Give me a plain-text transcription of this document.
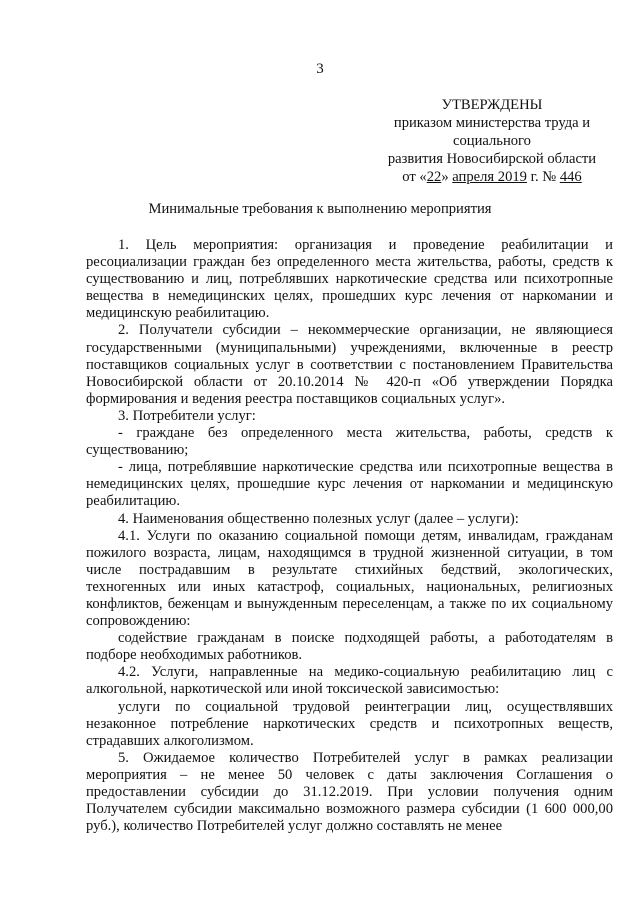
3
УТВЕРЖДЕНЫ
приказом министерства труда и социального
развития Новосибирской области
от «22» апреля 2019 г. № 446
Минимальные требования к выполнению мероприятия

1. Цель мероприятия: организация и проведение реабилитации и ресоциализации граждан без определенного места жительства, работы, средств к существованию и лиц, потреблявших наркотические средства или психотропные вещества в немедицинских целях, прошедших курс лечения от наркомании и медицинскую реабилитацию.

2. Получатели субсидии – некоммерческие организации, не являющиеся государственными (муниципальными) учреждениями, включенные в реестр поставщиков социальных услуг в соответствии с постановлением Правительства Новосибирской области от 20.10.2014 № 420-п «Об утверждении Порядка формирования и ведения реестра поставщиков социальных услуг».

3. Потребители услуг:

- граждане без определенного места жительства, работы, средств к существованию;

- лица, потреблявшие наркотические средства или психотропные вещества в немедицинских целях, прошедшие курс лечения от наркомании и медицинскую реабилитацию.

4. Наименования общественно полезных услуг (далее – услуги):

4.1. Услуги по оказанию социальной помощи детям, инвалидам, гражданам пожилого возраста, лицам, находящимся в трудной жизненной ситуации, в том числе пострадавшим в результате стихийных бедствий, экологических, техногенных или иных катастроф, социальных, национальных, религиозных конфликтов, беженцам и вынужденным переселенцам, а также по их социальному сопровождению:

содействие гражданам в поиске подходящей работы, а работодателям в подборе необходимых работников.

4.2. Услуги, направленные на медико-социальную реабилитацию лиц с алкогольной, наркотической или иной токсической зависимостью:

услуги по социальной трудовой реинтеграции лиц, осуществлявших незаконное потребление наркотических средств и психотропных веществ, страдавших алкоголизмом.

5. Ожидаемое количество Потребителей услуг в рамках реализации мероприятия – не менее 50 человек с даты заключения Соглашения о предоставлении субсидии до 31.12.2019. При условии получения одним Получателем субсидии максимально возможного размера субсидии (1 600 000,00 руб.), количество Потребителей услуг должно составлять не менее
